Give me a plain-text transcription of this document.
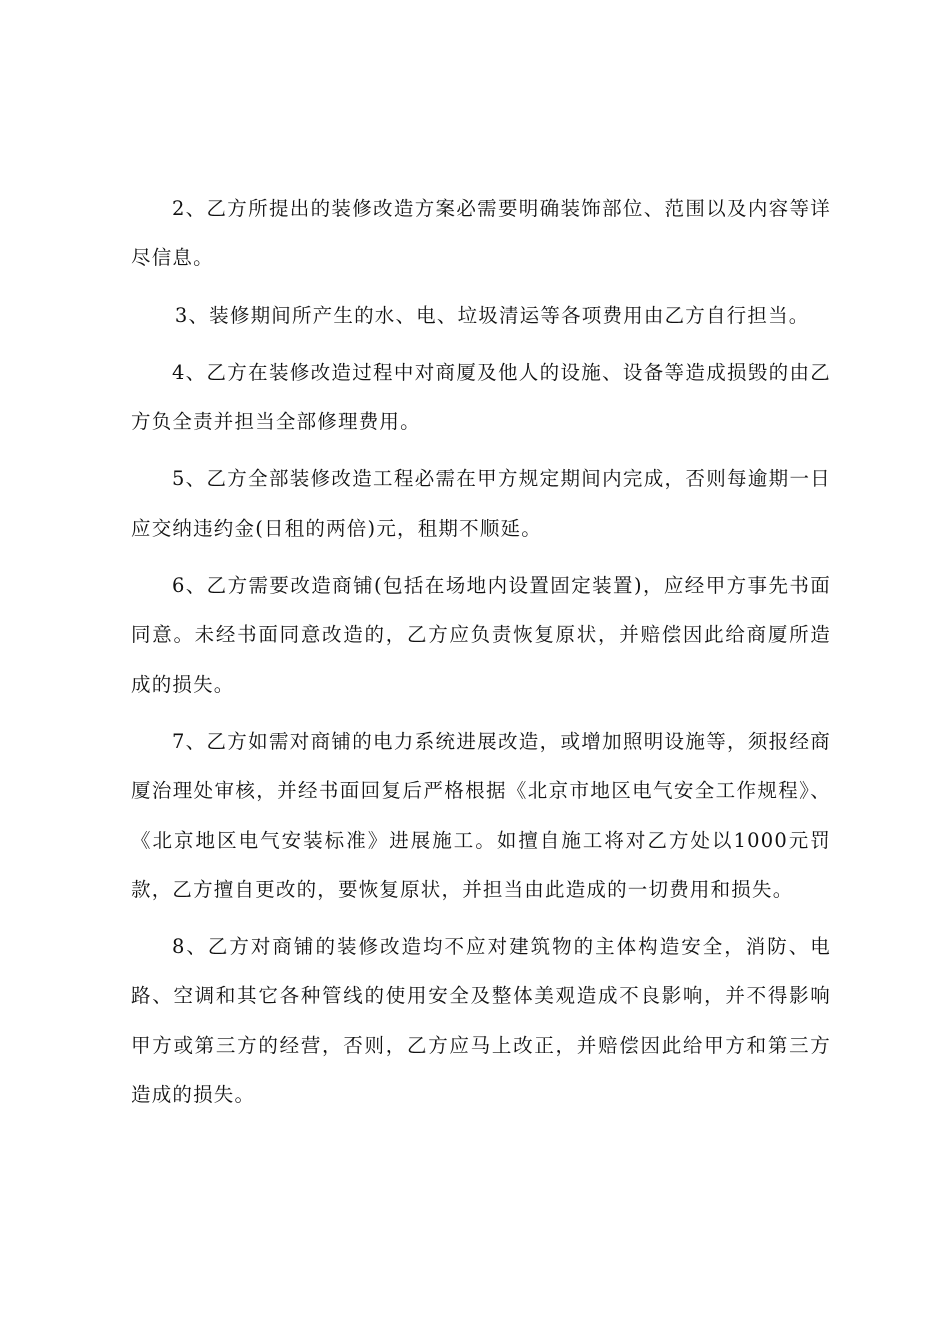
2、乙方所提出的装修改造方案必需要明确装饰部位、范围以及内容等详尽信息。

3、装修期间所产生的水、电、垃圾清运等各项费用由乙方自行担当。

4、乙方在装修改造过程中对商厦及他人的设施、设备等造成损毁的由乙方负全责并担当全部修理费用。

5、乙方全部装修改造工程必需在甲方规定期间内完成，否则每逾期一日应交纳违约金(日租的两倍)元，租期不顺延。

6、乙方需要改造商铺(包括在场地内设置固定装置)，应经甲方事先书面同意。未经书面同意改造的，乙方应负责恢复原状，并赔偿因此给商厦所造成的损失。

7、乙方如需对商铺的电力系统进展改造，或增加照明设施等，须报经商厦治理处审核，并经书面回复后严格根据《北京市地区电气安全工作规程》、《北京地区电气安装标准》进展施工。如擅自施工将对乙方处以1000元罚款，乙方擅自更改的，要恢复原状，并担当由此造成的一切费用和损失。

8、乙方对商铺的装修改造均不应对建筑物的主体构造安全，消防、电路、空调和其它各种管线的使用安全及整体美观造成不良影响，并不得影响甲方或第三方的经营，否则，乙方应马上改正，并赔偿因此给甲方和第三方造成的损失。
